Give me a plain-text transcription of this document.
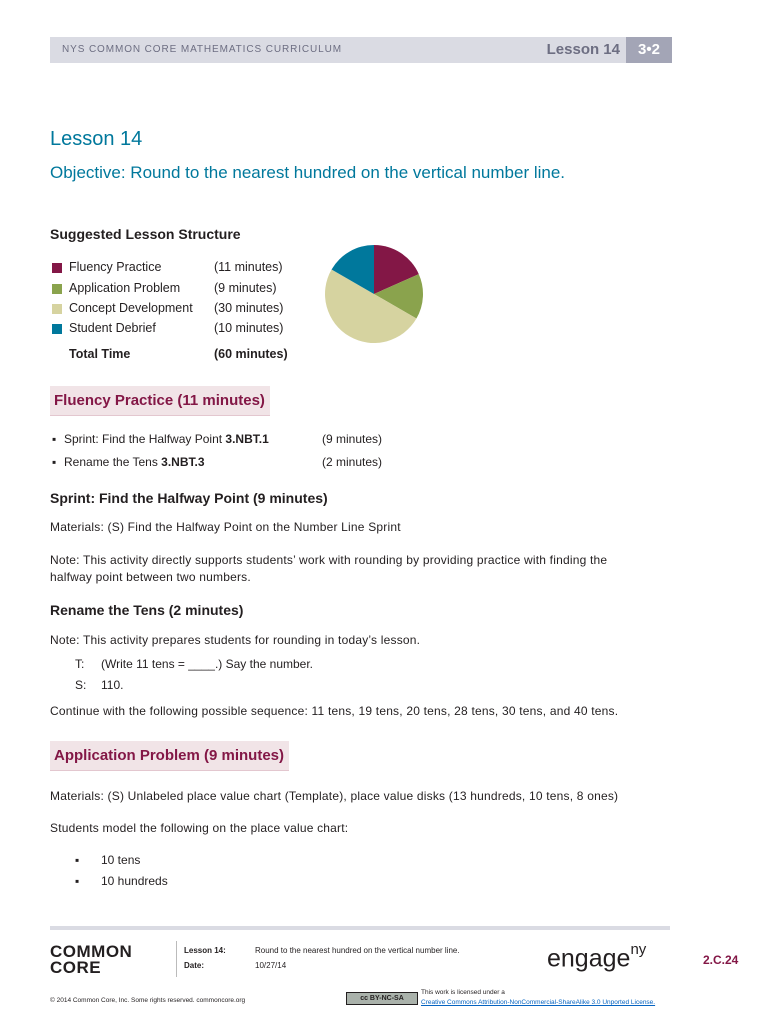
NYS COMMON CORE MATHEMATICS CURRICULUM	Lesson 14	3•2
Lesson 14
Objective: Round to the nearest hundred on the vertical number line.
Suggested Lesson Structure
Fluency Practice	(11 minutes)
Application Problem	(9 minutes)
Concept Development (30 minutes)
Student Debrief	(10 minutes)
Total Time	(60 minutes)
Fluency Practice (11 minutes)
▪ Sprint: Find the Halfway Point 3.NBT.1	(9 minutes)
▪ Rename the Tens 3.NBT.3	(2 minutes)
Sprint: Find the Halfway Point (9 minutes)
Materials: (S) Find the Halfway Point on the Number Line Sprint
Note: This activity directly supports students’ work with rounding by providing practice with finding the halfway point between two numbers.
Rename the Tens (2 minutes)
Note: This activity prepares students for rounding in today’s lesson.
T: (Write 11 tens = ____.) Say the number.
S: 110.
Continue with the following possible sequence: 11 tens, 19 tens, 20 tens, 28 tens, 30 tens, and 40 tens.
Application Problem (9 minutes)
Materials: (S) Unlabeled place value chart (Template), place value disks (13 hundreds, 10 tens, 8 ones)
Students model the following on the place value chart:
▪ 10 tens
▪ 10 hundreds
COMMON
CORE
Lesson 14:	Round to the nearest hundred on the vertical number line.
Date:	10/27/14	engage$^{ny}$
2.C.24
© 2014 Common Core, Inc. Some rights reserved. commoncore.org	cc BY-NC-SA
This work is licensed under a
Creative Commons Attribution-NonCommercial-ShareAlike 3.0 Unported License.
